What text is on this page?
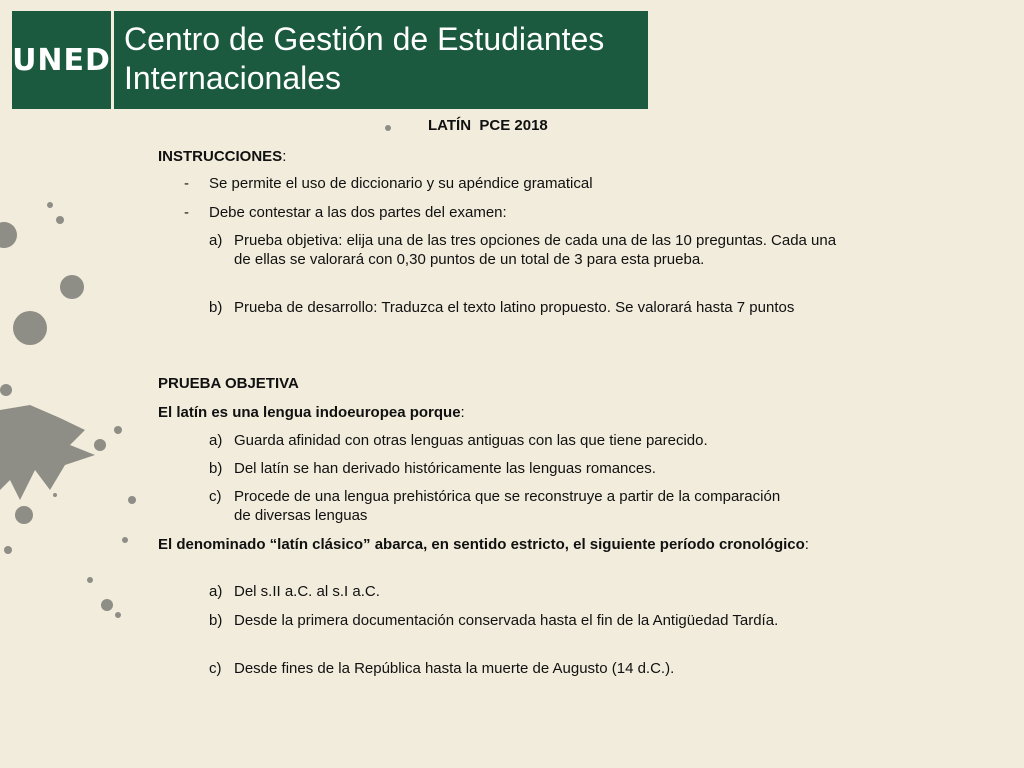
UNED
Centro de Gestión de Estudiantes
Internacionales
LATÍN  PCE 2018
INSTRUCCIONES:
- Se permite el uso de diccionario y su apéndice gramatical
- Debe contestar a las dos partes del examen:
a) Prueba objetiva: elija una de las tres opciones de cada una de las 10 preguntas. Cada una de ellas se valorará con 0,30 puntos de un total de 3 para esta prueba.
b) Prueba de desarrollo: Traduzca el texto latino propuesto. Se valorará hasta 7 puntos
PRUEBA OBJETIVA
El latín es una lengua indoeuropea porque:
a) Guarda afinidad con otras lenguas antiguas con las que tiene parecido.
b) Del latín se han derivado históricamente las lenguas romances.
c) Procede de una lengua prehistórica que se reconstruye a partir de la comparación de diversas lenguas
El denominado “latín clásico” abarca, en sentido estricto, el siguiente período cronológico:
a) Del s.II a.C. al s.I a.C.
b) Desde la primera documentación conservada hasta el fin de la Antigüedad Tardía.
c) Desde fines de la República hasta la muerte de Augusto (14 d.C.).
